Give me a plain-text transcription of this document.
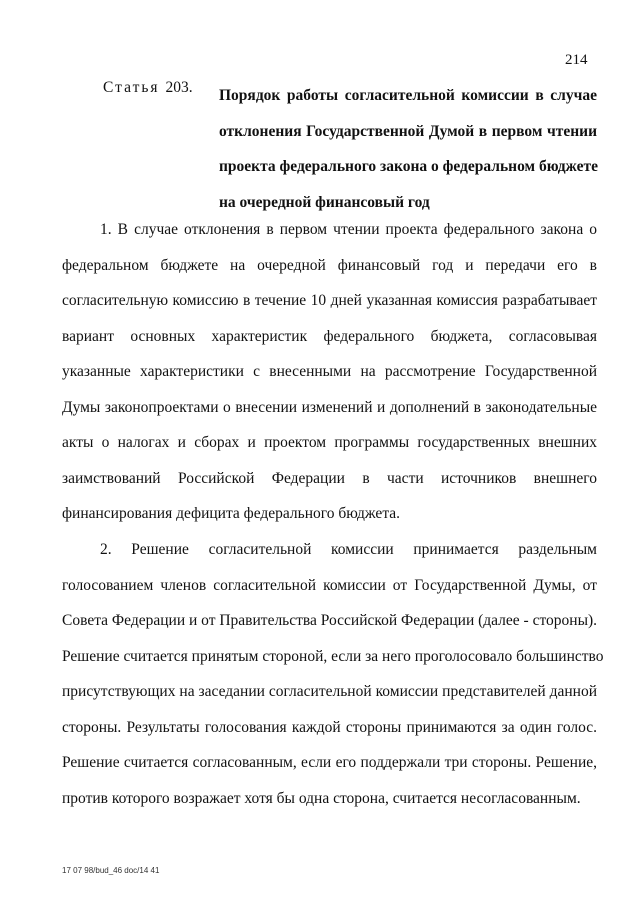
214
Статья 203. Порядок работы согласительной комиссии в случае
отклонения Государственной Думой в первом чтении
проекта федерального закона о федеральном бюджете
на очередной финансовый год
1. В случае отклонения в первом чтении проекта федерального закона о
федеральном бюджете на очередной финансовый год и передачи его в
согласительную комиссию в течение 10 дней указанная комиссия разрабатывает
вариант основных характеристик федерального бюджета, согласовывая
указанные характеристики с внесенными на рассмотрение Государственной
Думы законопроектами о внесении изменений и дополнений в законодательные
акты о налогах и сборах и проектом программы государственных внешних
заимствований Российской Федерации в части источников внешнего
финансирования дефицита федерального бюджета.
2. Решение согласительной комиссии принимается раздельным
голосованием членов согласительной комиссии от Государственной Думы, от
Совета Федерации и от Правительства Российской Федерации (далее - стороны).
Решение считается принятым стороной, если за него проголосовало большинство
присутствующих на заседании согласительной комиссии представителей данной
стороны. Результаты голосования каждой стороны принимаются за один голос.
Решение считается согласованным, если его поддержали три стороны. Решение,
против которого возражает хотя бы одна сторона, считается несогласованным.
17 07 98/bud_46 doc/14 41
